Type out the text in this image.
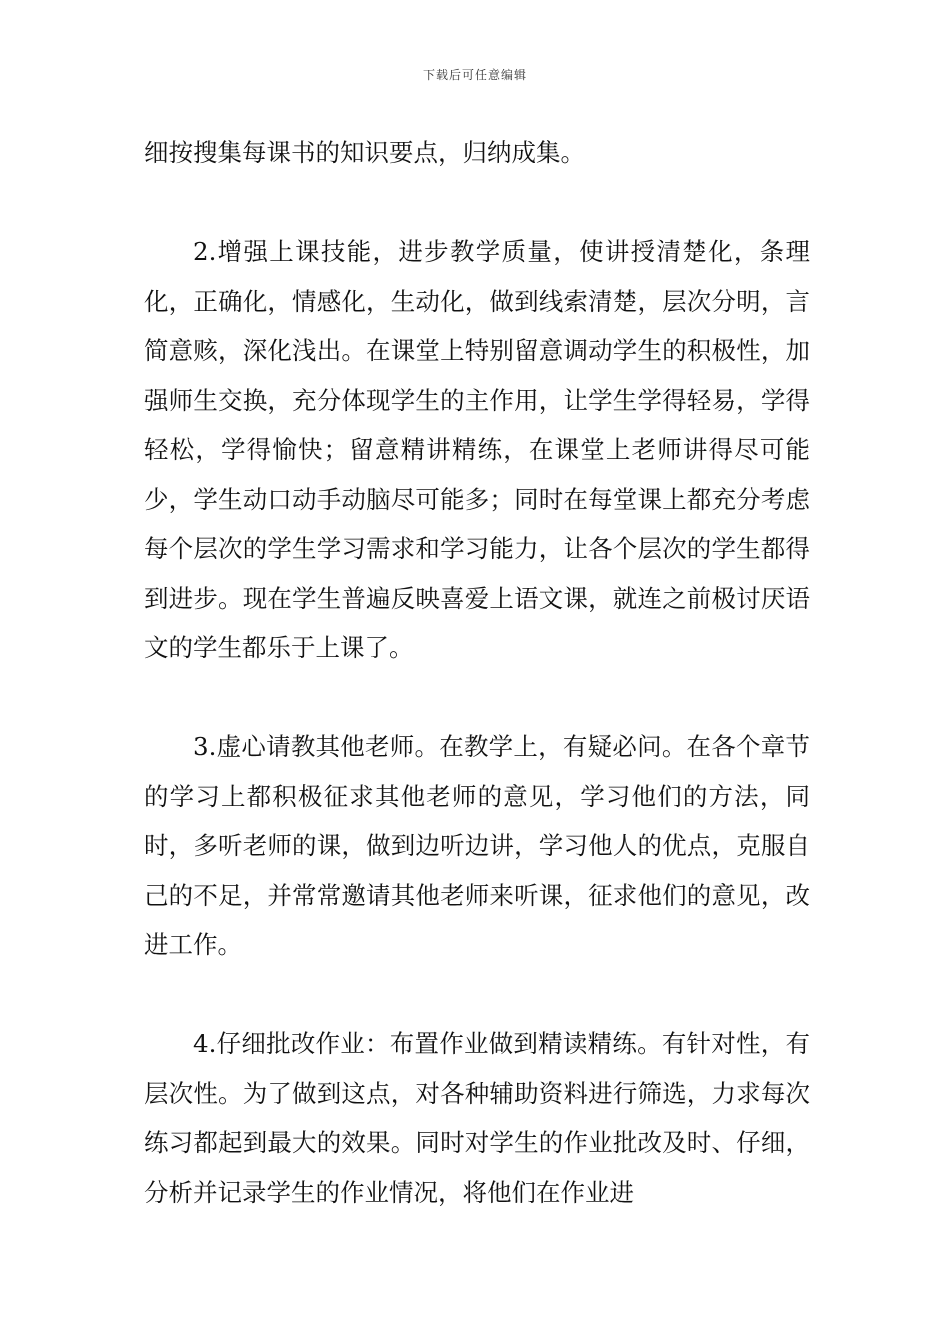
下载后可任意编辑

细按搜集每课书的知识要点，归纳成集。

2.增强上课技能，进步教学质量，使讲授清楚化，条理化，正确化，情感化，生动化，做到线索清楚，层次分明，言简意赅，深化浅出。在课堂上特别留意调动学生的积极性，加强师生交换，充分体现学生的主作用，让学生学得轻易，学得轻松，学得愉快；留意精讲精练，在课堂上老师讲得尽可能少，学生动口动手动脑尽可能多；同时在每堂课上都充分考虑每个层次的学生学习需求和学习能力，让各个层次的学生都得到进步。现在学生普遍反映喜爱上语文课，就连之前极讨厌语文的学生都乐于上课了。

3.虚心请教其他老师。在教学上，有疑必问。在各个章节的学习上都积极征求其他老师的意见，学习他们的方法，同时，多听老师的课，做到边听边讲，学习他人的优点，克服自己的不足，并常常邀请其他老师来听课，征求他们的意见，改进工作。

4.仔细批改作业：布置作业做到精读精练。有针对性，有层次性。为了做到这点，对各种辅助资料进行筛选，力求每次练习都起到最大的效果。同时对学生的作业批改及时、仔细，分析并记录学生的作业情况，将他们在作业进
